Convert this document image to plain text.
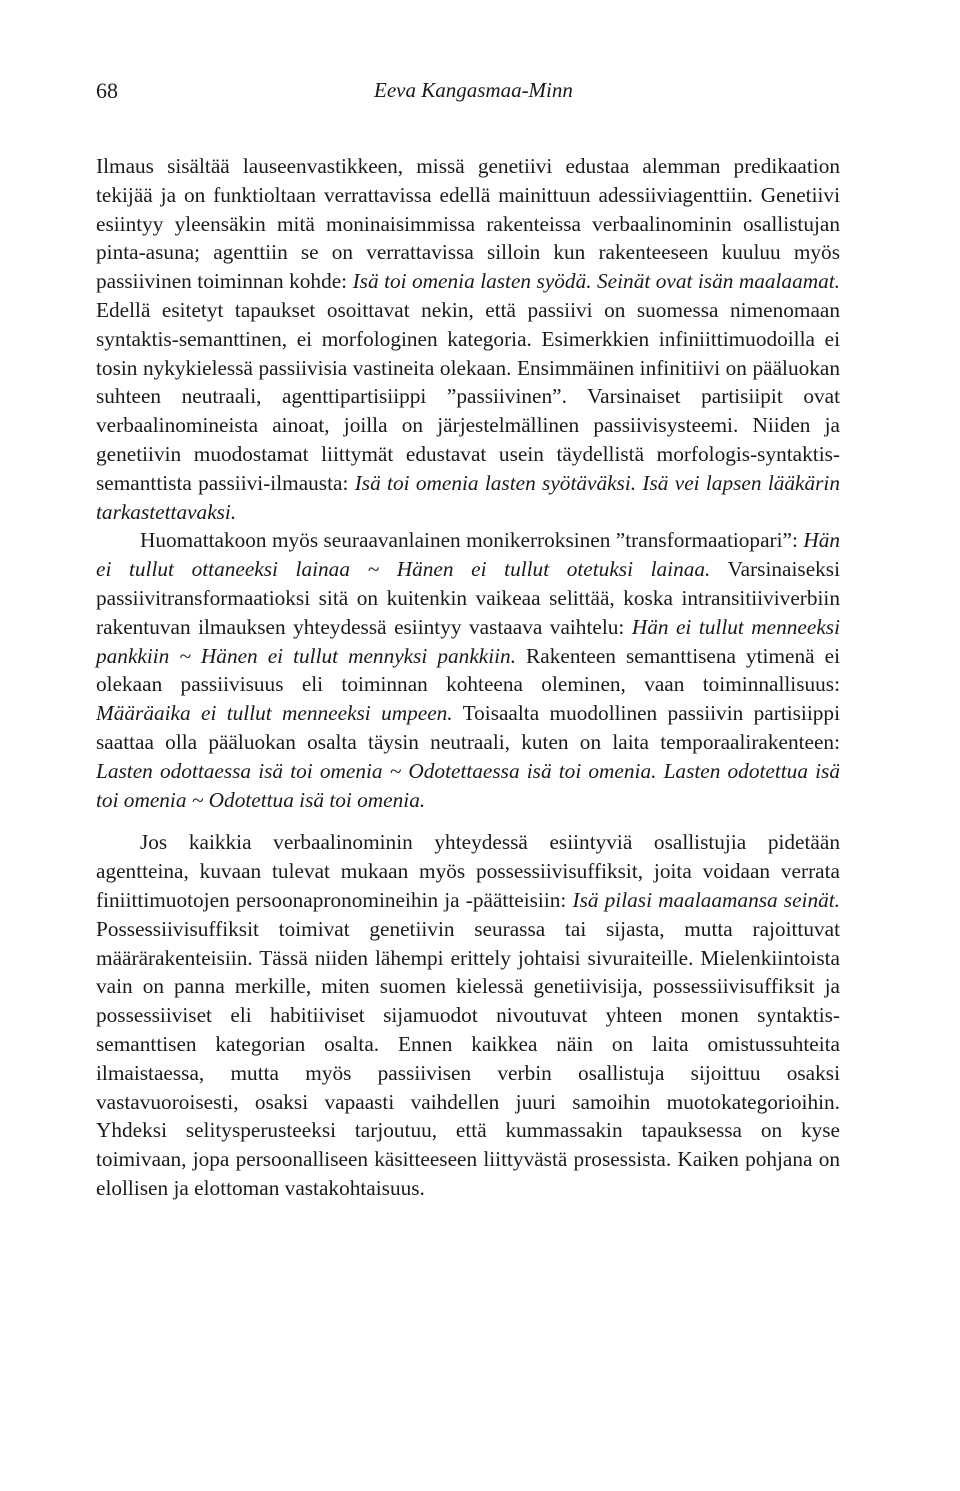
68	Eeva Kangasmaa-Minn

Ilmaus sisältää lauseenvastikkeen, missä genetiivi edustaa alemman predikaation tekijää ja on funktioltaan verrattavissa edellä mainittuun adessiiviagenttiin. Genetiivi esiintyy yleensäkin mitä moninaisimmissa rakenteissa verbaalinominin osallistujan pinta-asuna; agenttiin se on verrattavissa silloin kun rakenteeseen kuuluu myös passiivinen toiminnan kohde: Isä toi omenia lasten syödä. Seinät ovat isän maalaamat. Edellä esitetyt tapaukset osoittavat nekin, että passiivi on suomessa nimenomaan syntaktis-semanttinen, ei morfologinen kategoria. Esimerkkien infiniittimuodoilla ei tosin nykykielessä passiivisia vastineita olekaan. Ensimmäinen infinitiivi on pääluokan suhteen neutraali, agenttipartisiippi ”passiivinen”. Varsinaiset partisiipit ovat verbaalinomineista ainoat, joilla on järjestelmällinen passiivisysteemi. Niiden ja genetiivin muodostamat liittymät edustavat usein täydellistä morfologis-syntaktis-semanttista passiivi-ilmausta: Isä toi omenia lasten syötäväksi. Isä vei lapsen lääkärin tarkastettavaksi.

Huomattakoon myös seuraavanlainen monikerroksinen ”transformaatiopari”: Hän ei tullut ottaneeksi lainaa ~ Hänen ei tullut otetuksi lainaa. Varsinaiseksi passiivitransformaatioksi sitä on kuitenkin vaikeaa selittää, koska intransitiiviverbiin rakentuvan ilmauksen yhteydessä esiintyy vastaava vaihtelu: Hän ei tullut menneeksi pankkiin ~ Hänen ei tullut mennyksi pankkiin. Rakenteen semanttisena ytimenä ei olekaan passiivisuus eli toiminnan kohteena oleminen, vaan toiminnallisuus: Määräaika ei tullut menneeksi umpeen. Toisaalta muodollinen passiivin partisiippi saattaa olla pääluokan osalta täysin neutraali, kuten on laita temporaalirakenteen: Lasten odottaessa isä toi omenia ~ Odotettaessa isä toi omenia. Lasten odotettua isä toi omenia ~ Odotettua isä toi omenia.

Jos kaikkia verbaalinominin yhteydessä esiintyviä osallistujia pidetään agentteina, kuvaan tulevat mukaan myös possessiivisuffiksit, joita voidaan verrata finiittimuotojen persoonapronomineihin ja -päätteisiin: Isä pilasi maalaamansa seinät. Possessiivisuffiksit toimivat genetiivin seurassa tai sijasta, mutta rajoittuvat määrärakenteisiin. Tässä niiden lähempi erittely johtaisi sivuraiteille. Mielenkiintoista vain on panna merkille, miten suomen kielessä genetiivisija, possessiivisuffiksit ja possessiiviset eli habitiiviset sijamuodot nivoutuvat yhteen monen syntaktis-semanttisen kategorian osalta. Ennen kaikkea näin on laita omistussuhteita ilmaistaessa, mutta myös passiivisen verbin osallistuja sijoittuu osaksi vastavuoroisesti, osaksi vapaasti vaihdellen juuri samoihin muotokategorioihin. Yhdeksi selitysperusteeksi tarjoutuu, että kummassakin tapauksessa on kyse toimivaan, jopa persoonalliseen käsitteeseen liittyvästä prosessista. Kaiken pohjana on elollisen ja elottoman vastakohtaisuus.
